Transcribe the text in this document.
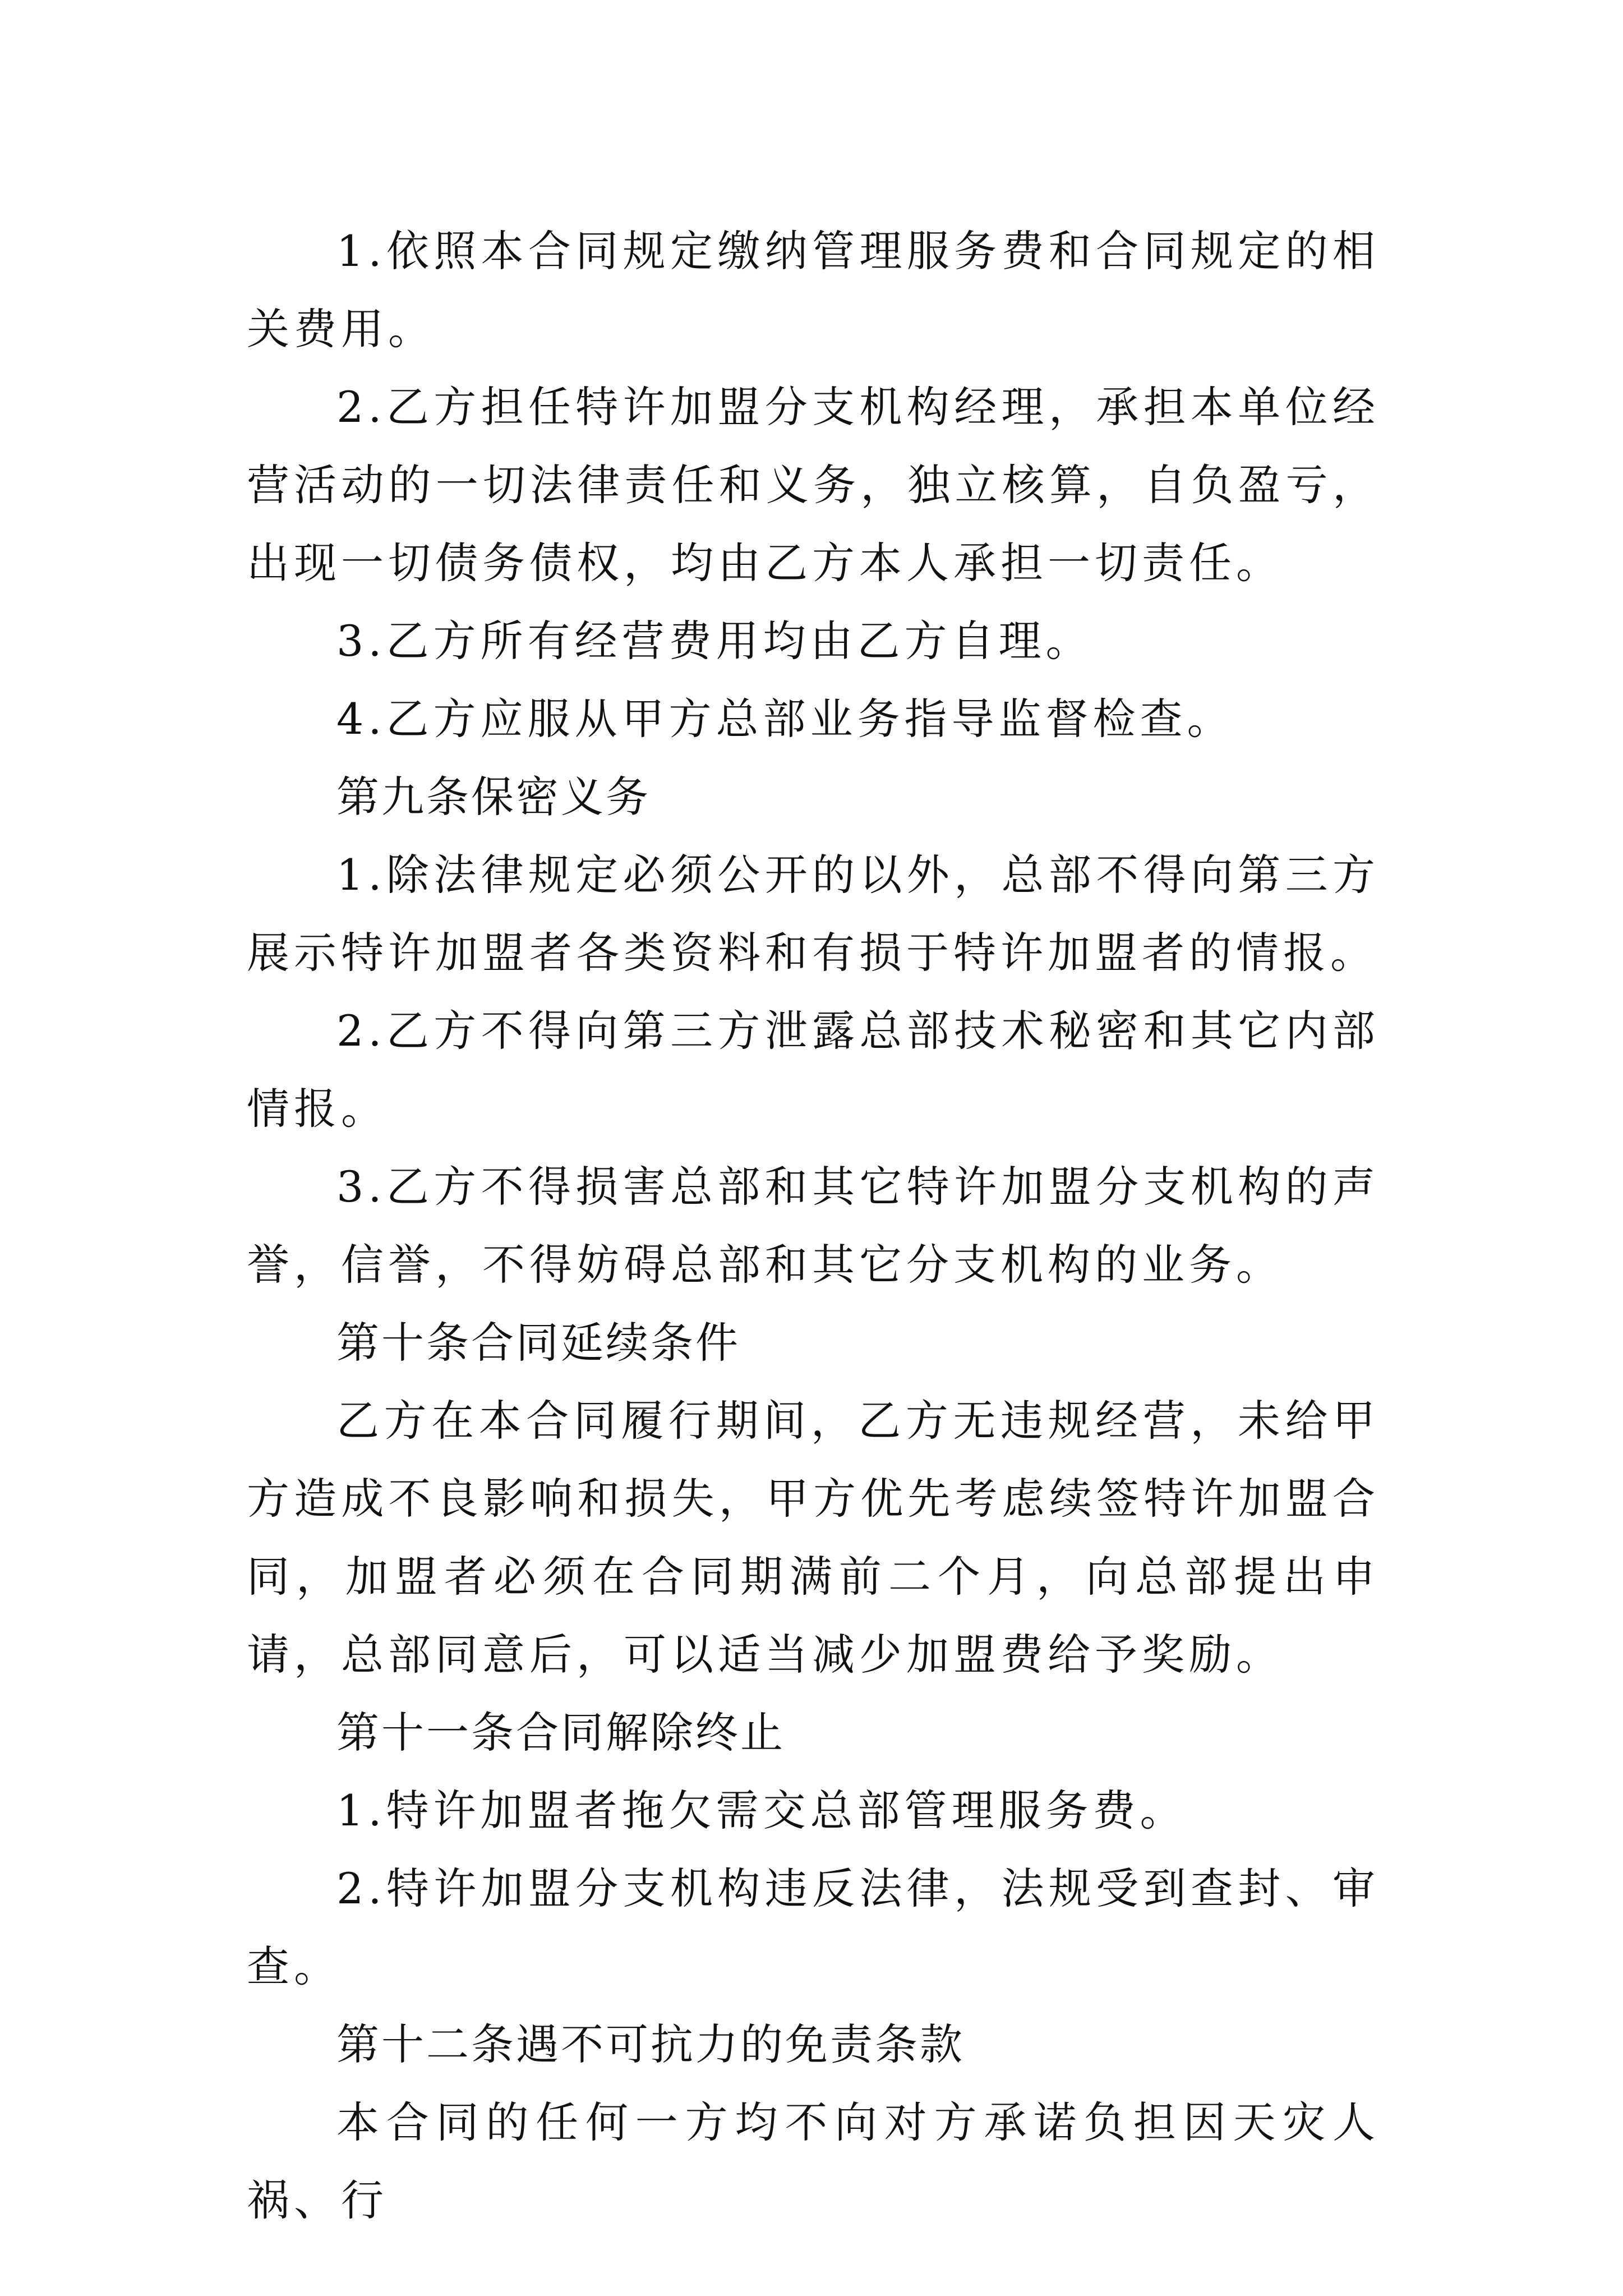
1.依照本合同规定缴纳管理服务费和合同规定的相关费用。

2.乙方担任特许加盟分支机构经理，承担本单位经营活动的一切法律责任和义务，独立核算，自负盈亏，出现一切债务债权，均由乙方本人承担一切责任。

3.乙方所有经营费用均由乙方自理。

4.乙方应服从甲方总部业务指导监督检查。

第九条保密义务

1.除法律规定必须公开的以外，总部不得向第三方展示特许加盟者各类资料和有损于特许加盟者的情报。

2.乙方不得向第三方泄露总部技术秘密和其它内部情报。

3.乙方不得损害总部和其它特许加盟分支机构的声誉，信誉，不得妨碍总部和其它分支机构的业务。

第十条合同延续条件

乙方在本合同履行期间，乙方无违规经营，未给甲方造成不良影响和损失，甲方优先考虑续签特许加盟合同，加盟者必须在合同期满前二个月，向总部提出申请，总部同意后，可以适当减少加盟费给予奖励。

第十一条合同解除终止

1.特许加盟者拖欠需交总部管理服务费。

2.特许加盟分支机构违反法律，法规受到查封、审查。

第十二条遇不可抗力的免责条款

本合同的任何一方均不向对方承诺负担因天灾人祸、行
